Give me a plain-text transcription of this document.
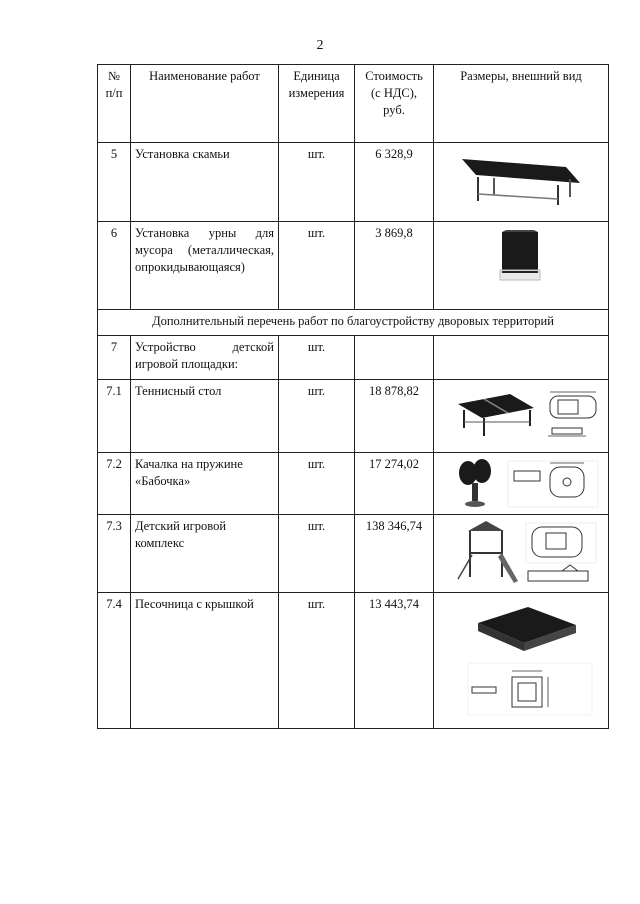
2
№ п/п	Наименование работ	Единица измерения	Стоимость (с НДС), руб.	Размеры, внешний вид
5	Установка скамьи	шт.	6 328,9	

6	Установка урны для мусора (металлическая, опрокидывающаяся)	шт.	3 869,8	

Дополнительный перечень работ по благоустройству дворовых территорий				
7	Устройство детской игровой площадки:	шт.		
7.1	Теннисный стол	шт.	18 878,82	

7.2	Качалка на пружине «Бабочка»	шт.	17 274,02	

7.3	Детский игровой комплекс	шт.	138 346,74	

7.4	Песочница с крышкой	шт.	13 443,74	
